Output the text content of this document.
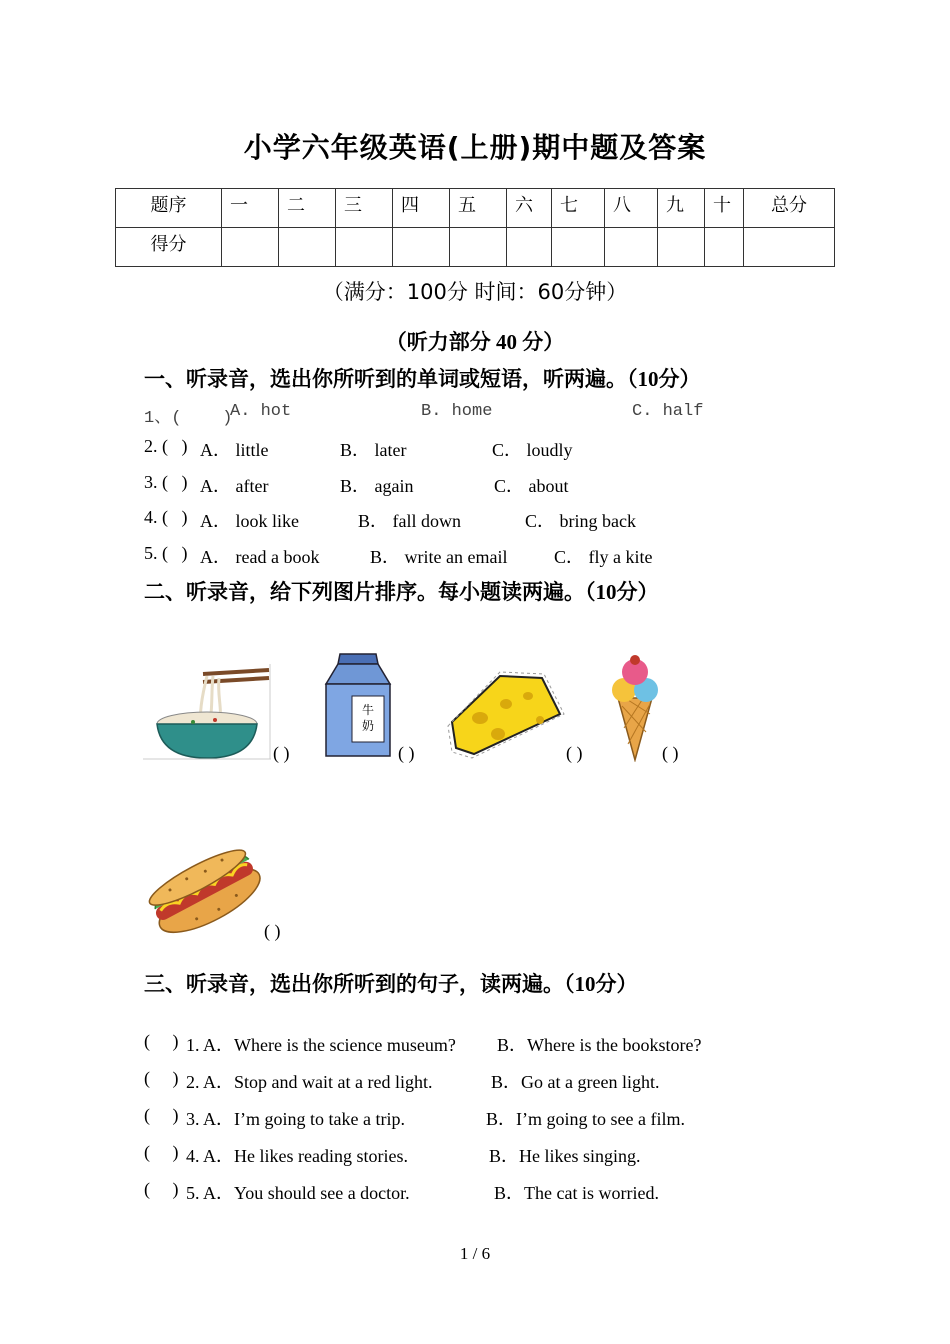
小学六年级英语(上册)期中题及答案
题序	一	二	三	四	五	六	七	八	九	十	总分
得分											
（满分：100分 时间：60分钟）
（听力部分 40 分）
一、听录音，选出你所听到的单词或短语，听两遍。（10分）
1、(    )
A. hot	B. home	C. half
2. (   ) A． little	B． later	C． loudly
3. (   ) A． after	B． again	C． about
4. (   ) A． look like	B． fall down	C． bring back
5. (   ) A． read a book	B． write an email	C． fly a kite
二、听录音，给下列图片排序。每小题读两遍。（10分）
( )
牛
奶
( )	( )	( )
( )
三、听录音，选出你所听到的句子，读两遍。（10分）
(     ) 1. A．Where is the science museum? B．Where is the bookstore?
(     ) 2. A．Stop and wait at a red light.	B．Go at a green light.
(     ) 3. A．I’m going to take a trip.	B．I’m going to see a film.
(     ) 4. A．He likes reading stories.	B．He likes singing.
(     ) 5. A．You should see a doctor.	B．The cat is worried.
1 / 6
